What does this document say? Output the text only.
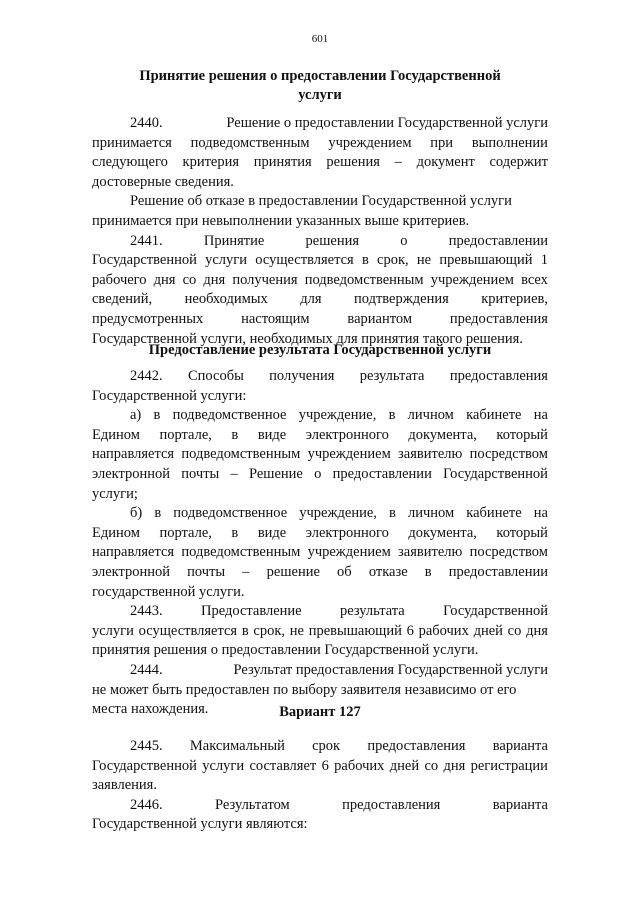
601
Принятие решения о предоставлении Государственной
услуги
2440.	Решение о предоставлении Государственной услуги
принимается подведомственным учреждением при выполнении
следующего критерия принятия решения – документ содержит
достоверные сведения.
Решение об отказе в предоставлении Государственной услуги
принимается при невыполнении указанных выше критериев.
2441.	Принятие	решения	о	предоставлении
Государственной услуги осуществляется в срок, не превышающий 1
рабочего дня со дня получения подведомственным учреждением всех
сведений, необходимых для подтверждения критериев,
предусмотренных	настоящим	вариантом	предоставления
Государственной услуги, необходимых для принятия такого решения.
Предоставление результата Государственной услуги
2442. Способы получения результата предоставления
Государственной услуги:
а) в подведомственное учреждение, в личном кабинете на
Едином портале, в виде электронного документа, который
направляется подведомственным учреждением заявителю посредством
электронной почты – Решение о предоставлении Государственной
услуги;
б) в подведомственное учреждение, в личном кабинете на
Едином портале, в виде электронного документа, который
направляется подведомственным учреждением заявителю посредством
электронной почты – решение об отказе в предоставлении
государственной услуги.
2443.	Предоставление	результата	Государственной
услуги осуществляется в срок, не превышающий 6 рабочих дней со дня
принятия решения о предоставлении Государственной услуги.
2444.	Результат предоставления Государственной услуги
не может быть предоставлен по выбору заявителя независимо от его
места нахождения.	Вариант 127
2445. Максимальный срок предоставления варианта
Государственной услуги составляет 6 рабочих дней со дня регистрации
заявления.
2446.	Результатом	предоставления	варианта
Государственной услуги являются:
